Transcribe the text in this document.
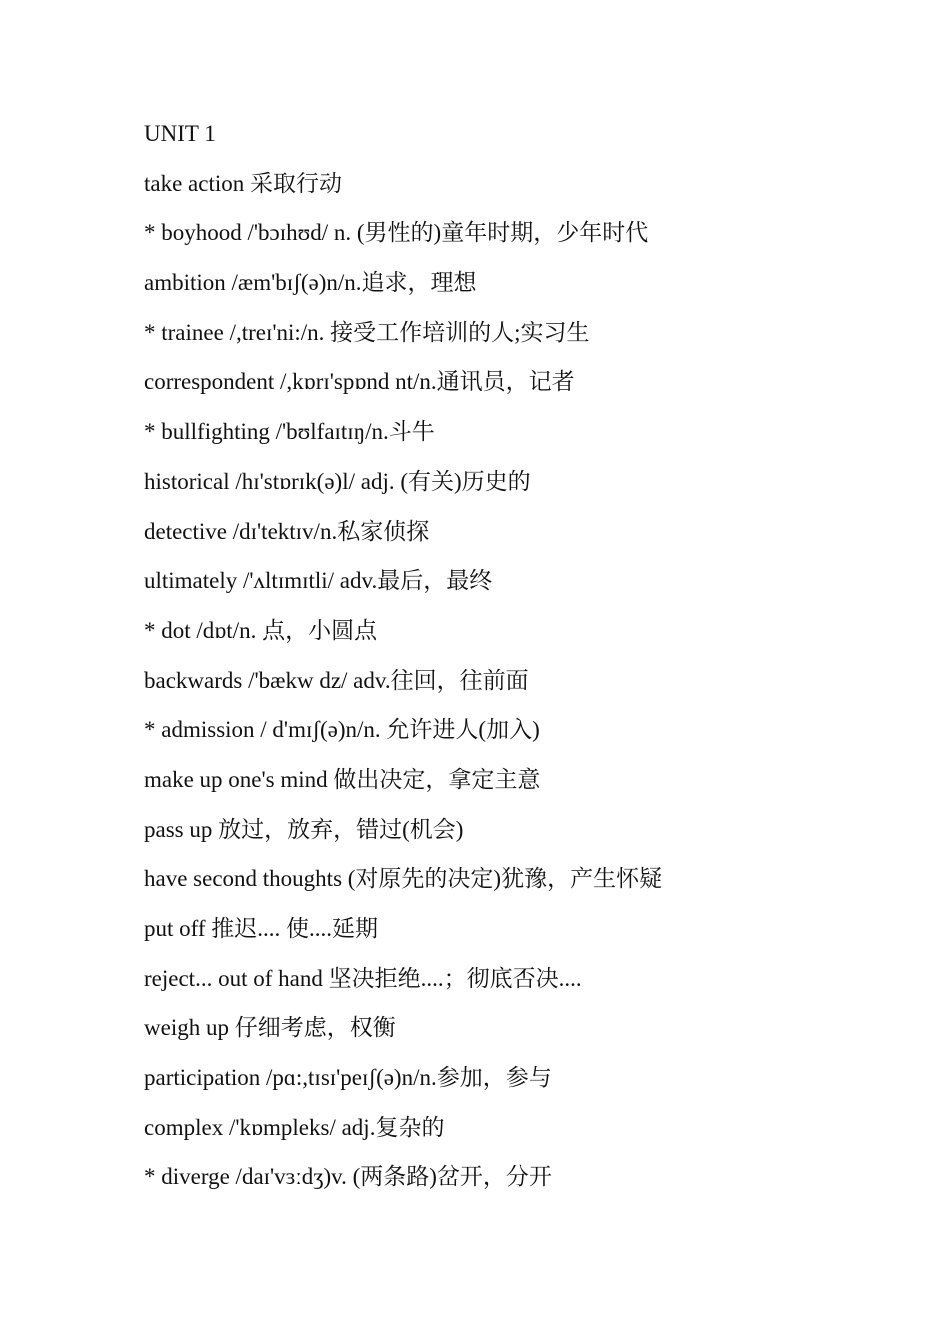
UNIT 1
take action 采取行动
* boyhood /'bɔɪhʊd/ n. (男性的)童年时期，少年时代
ambition /æm'bɪʃ(ə)n/n.追求，理想
* trainee /,treɪ'ni:/n. 接受工作培训的人;实习生
correspondent /,kɒrɪ'spɒnd nt/n.通讯员，记者
* bullfighting /'bʊlfaɪtɪŋ/n.斗牛
historical /hɪ'stɒrɪk(ə)l/ adj. (有关)历史的
detective /dɪ'tektɪv/n.私家侦探
ultimately /'ʌltɪmɪtli/ adv.最后，最终
* dot /dɒt/n. 点，小圆点
backwards /'bækw dz/ adv.往回，往前面
* admission / d'mɪʃ(ə)n/n. 允许进人(加入)
make up one's mind 做出决定，拿定主意
pass up 放过，放弃，错过(机会)
have second thoughts (对原先的决定)犹豫，产生怀疑
put off 推迟.... 使....延期
reject... out of hand 坚决拒绝....；彻底否决....
weigh up 仔细考虑，权衡
participation /pɑ:,tɪsɪ'peɪʃ(ə)n/n.参加，参与
complex /'kɒmpleks/ adj.复杂的
* diverge /daɪ'vɜːdʒ)v. (两条路)岔开，分开
